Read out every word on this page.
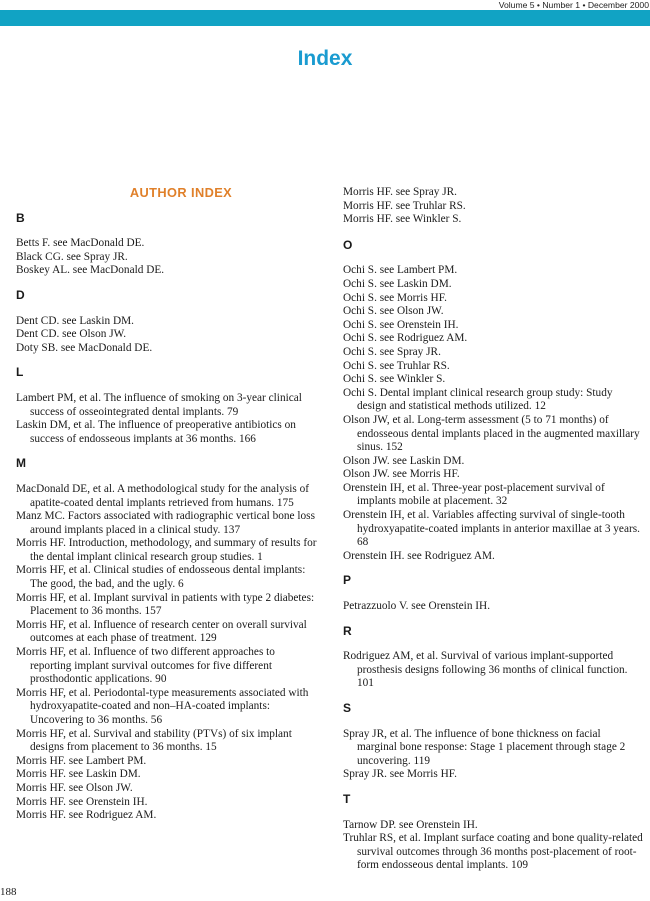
Volume 5 • Number 1 • December 2000
Index
AUTHOR INDEX
B
Betts F. see MacDonald DE.
Black CG. see Spray JR.
Boskey AL. see MacDonald DE.
D
Dent CD. see Laskin DM.
Dent CD. see Olson JW.
Doty SB. see MacDonald DE.
L
Lambert PM, et al. The influence of smoking on 3-year clinical success of osseointegrated dental implants. 79
Laskin DM, et al. The influence of preoperative antibiotics on success of endosseous implants at 36 months. 166
M
MacDonald DE, et al. A methodological study for the analysis of apatite-coated dental implants retrieved from humans. 175
Manz MC. Factors associated with radiographic vertical bone loss around implants placed in a clinical study. 137
Morris HF. Introduction, methodology, and summary of results for the dental implant clinical research group studies. 1
Morris HF, et al. Clinical studies of endosseous dental implants: The good, the bad, and the ugly. 6
Morris HF, et al. Implant survival in patients with type 2 diabetes: Placement to 36 months. 157
Morris HF, et al. Influence of research center on overall survival outcomes at each phase of treatment. 129
Morris HF, et al. Influence of two different approaches to reporting implant survival outcomes for five different prosthodontic applications. 90
Morris HF, et al. Periodontal-type measurements associated with hydroxyapatite-coated and non–HA-coated implants: Uncovering to 36 months. 56
Morris HF, et al. Survival and stability (PTVs) of six implant designs from placement to 36 months. 15
Morris HF. see Lambert PM.
Morris HF. see Laskin DM.
Morris HF. see Olson JW.
Morris HF. see Orenstein IH.
Morris HF. see Rodriguez AM.
Morris HF. see Spray JR.
Morris HF. see Truhlar RS.
Morris HF. see Winkler S.
O
Ochi S. see Lambert PM.
Ochi S. see Laskin DM.
Ochi S. see Morris HF.
Ochi S. see Olson JW.
Ochi S. see Orenstein IH.
Ochi S. see Rodriguez AM.
Ochi S. see Spray JR.
Ochi S. see Truhlar RS.
Ochi S. see Winkler S.
Ochi S. Dental implant clinical research group study: Study design and statistical methods utilized. 12
Olson JW, et al. Long-term assessment (5 to 71 months) of endosseous dental implants placed in the augmented maxillary sinus. 152
Olson JW. see Laskin DM.
Olson JW. see Morris HF.
Orenstein IH, et al. Three-year post-placement survival of implants mobile at placement. 32
Orenstein IH, et al. Variables affecting survival of single-tooth hydroxyapatite-coated implants in anterior maxillae at 3 years. 68
Orenstein IH. see Rodriguez AM.
P
Petrazzuolo V. see Orenstein IH.
R
Rodriguez AM, et al. Survival of various implant-supported prosthesis designs following 36 months of clinical function. 101
S
Spray JR, et al. The influence of bone thickness on facial marginal bone response: Stage 1 placement through stage 2 uncovering. 119
Spray JR. see Morris HF.
T
Tarnow DP. see Orenstein IH.
Truhlar RS, et al. Implant surface coating and bone quality-related survival outcomes through 36 months post-placement of root-form endosseous dental implants. 109
188
